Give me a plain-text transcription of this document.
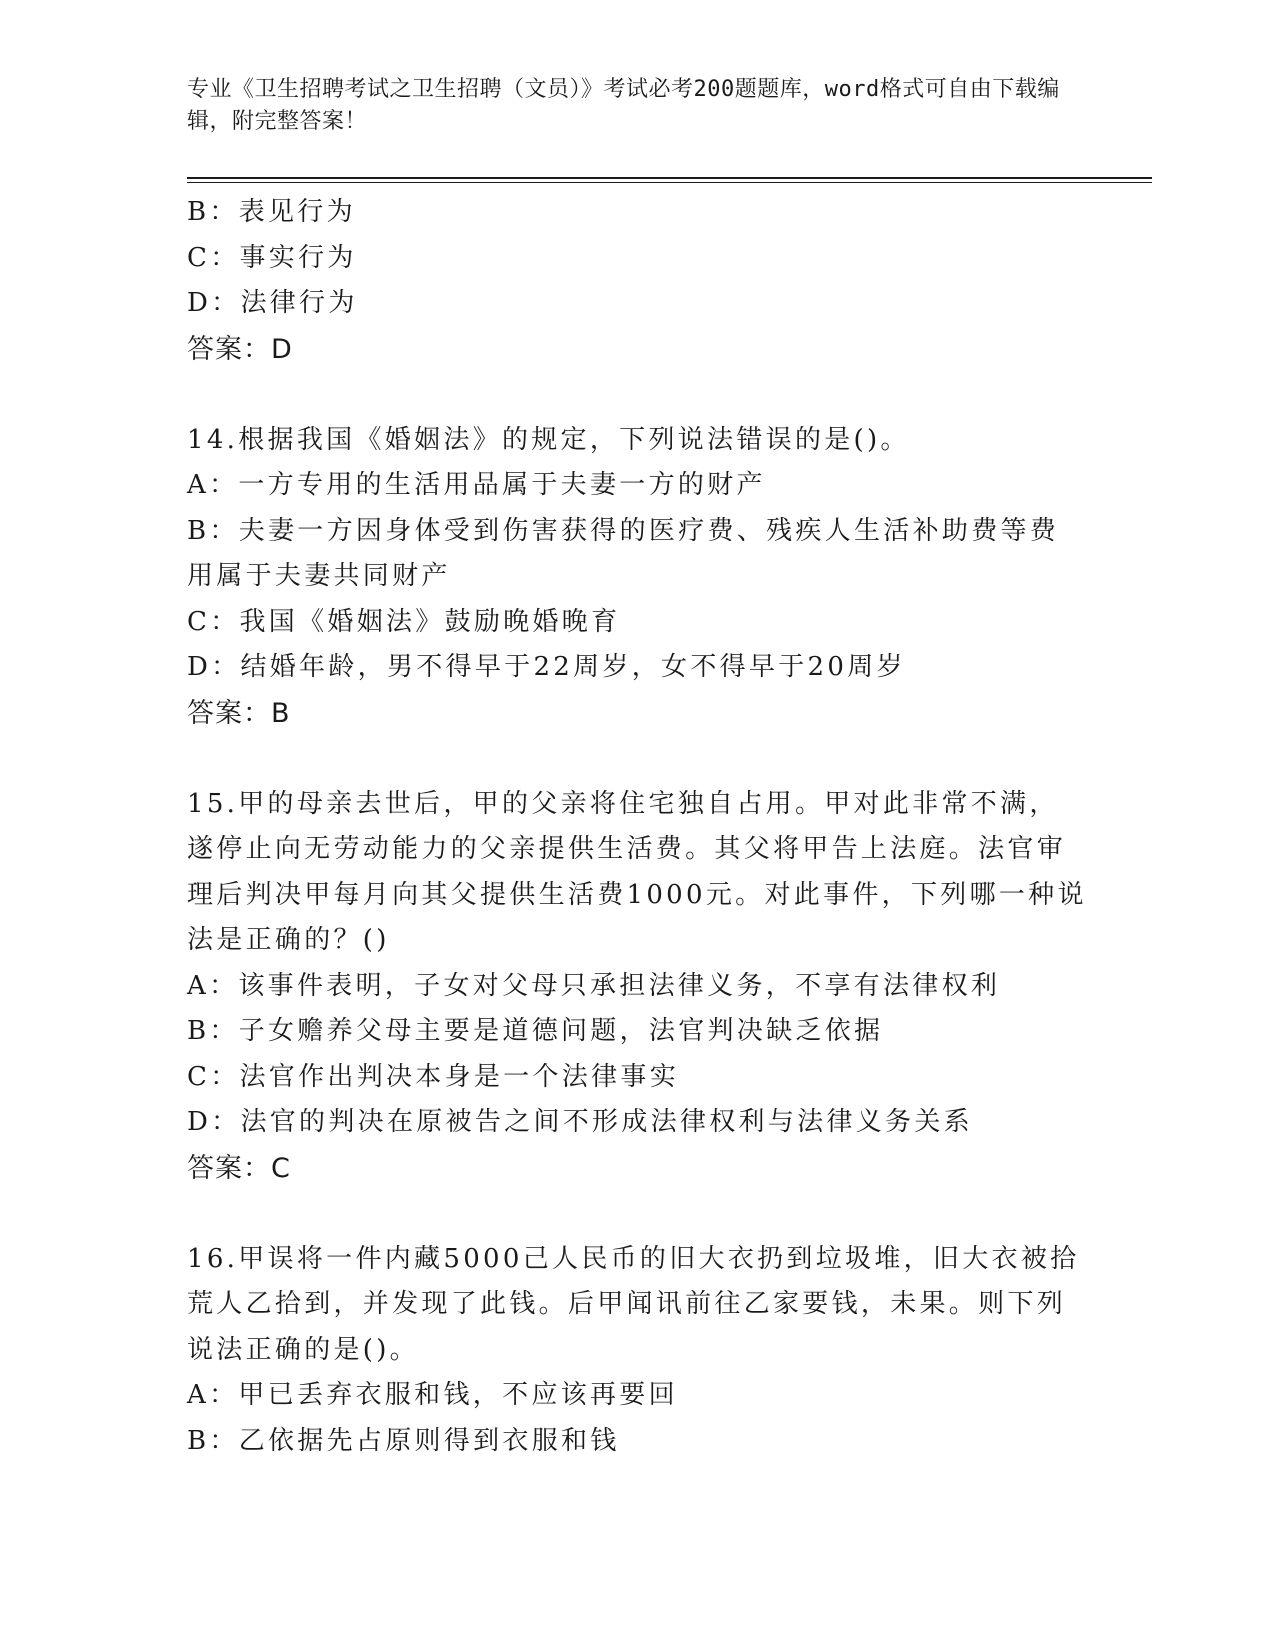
专业《卫生招聘考试之卫生招聘（文员）》考试必考200题题库，word格式可自由下载编辑，附完整答案！
B：表见行为
C：事实行为
D：法律行为
答案：D
14.根据我国《婚姻法》的规定，下列说法错误的是()。
A：一方专用的生活用品属于夫妻一方的财产
B：夫妻一方因身体受到伤害获得的医疗费、残疾人生活补助费等费用属于夫妻共同财产
C：我国《婚姻法》鼓励晚婚晚育
D：结婚年龄，男不得早于22周岁，女不得早于20周岁
答案：B
15.甲的母亲去世后，甲的父亲将住宅独自占用。甲对此非常不满，遂停止向无劳动能力的父亲提供生活费。其父将甲告上法庭。法官审理后判决甲每月向其父提供生活费1000元。对此事件，下列哪一种说法是正确的？()
A：该事件表明，子女对父母只承担法律义务，不享有法律权利
B：子女赡养父母主要是道德问题，法官判决缺乏依据
C：法官作出判决本身是一个法律事实
D：法官的判决在原被告之间不形成法律权利与法律义务关系
答案：C
16.甲误将一件内藏5000己人民币的旧大衣扔到垃圾堆，旧大衣被拾荒人乙拾到，并发现了此钱。后甲闻讯前往乙家要钱，未果。则下列说法正确的是()。
A：甲已丢弃衣服和钱，不应该再要回
B：乙依据先占原则得到衣服和钱
